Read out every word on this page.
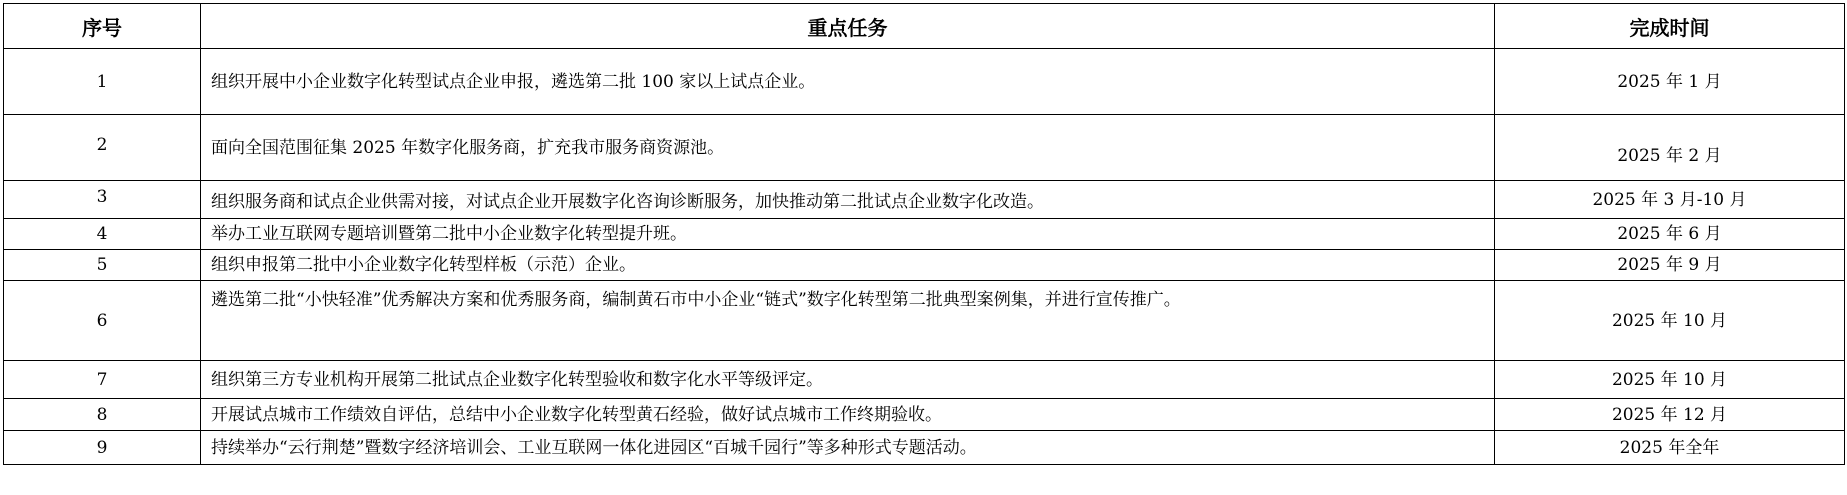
序号	重点任务	完成时间
1	组织开展中小企业数字化转型试点企业申报，遴选第二批 100 家以上试点企业。	2025 年 1 月
2	面向全国范围征集 2025 年数字化服务商，扩充我市服务商资源池。	2025 年 2 月
3	组织服务商和试点企业供需对接，对试点企业开展数字化咨询诊断服务，加快推动第二批试点企业数字化改造。	2025 年 3 月-10 月
4	举办工业互联网专题培训暨第二批中小企业数字化转型提升班。	2025 年 6 月
5	组织申报第二批中小企业数字化转型样板（示范）企业。	2025 年 9 月
6	遴选第二批“小快轻准”优秀解决方案和优秀服务商，编制黄石市中小企业“链式”数字化转型第二批典型案例集，并进行宣传推广。	2025 年 10 月
7	组织第三方专业机构开展第二批试点企业数字化转型验收和数字化水平等级评定。	2025 年 10 月
8	开展试点城市工作绩效自评估，总结中小企业数字化转型黄石经验，做好试点城市工作终期验收。	2025 年 12 月
9	持续举办“云行荆楚”暨数字经济培训会、工业互联网一体化进园区“百城千园行”等多种形式专题活动。	2025 年全年
